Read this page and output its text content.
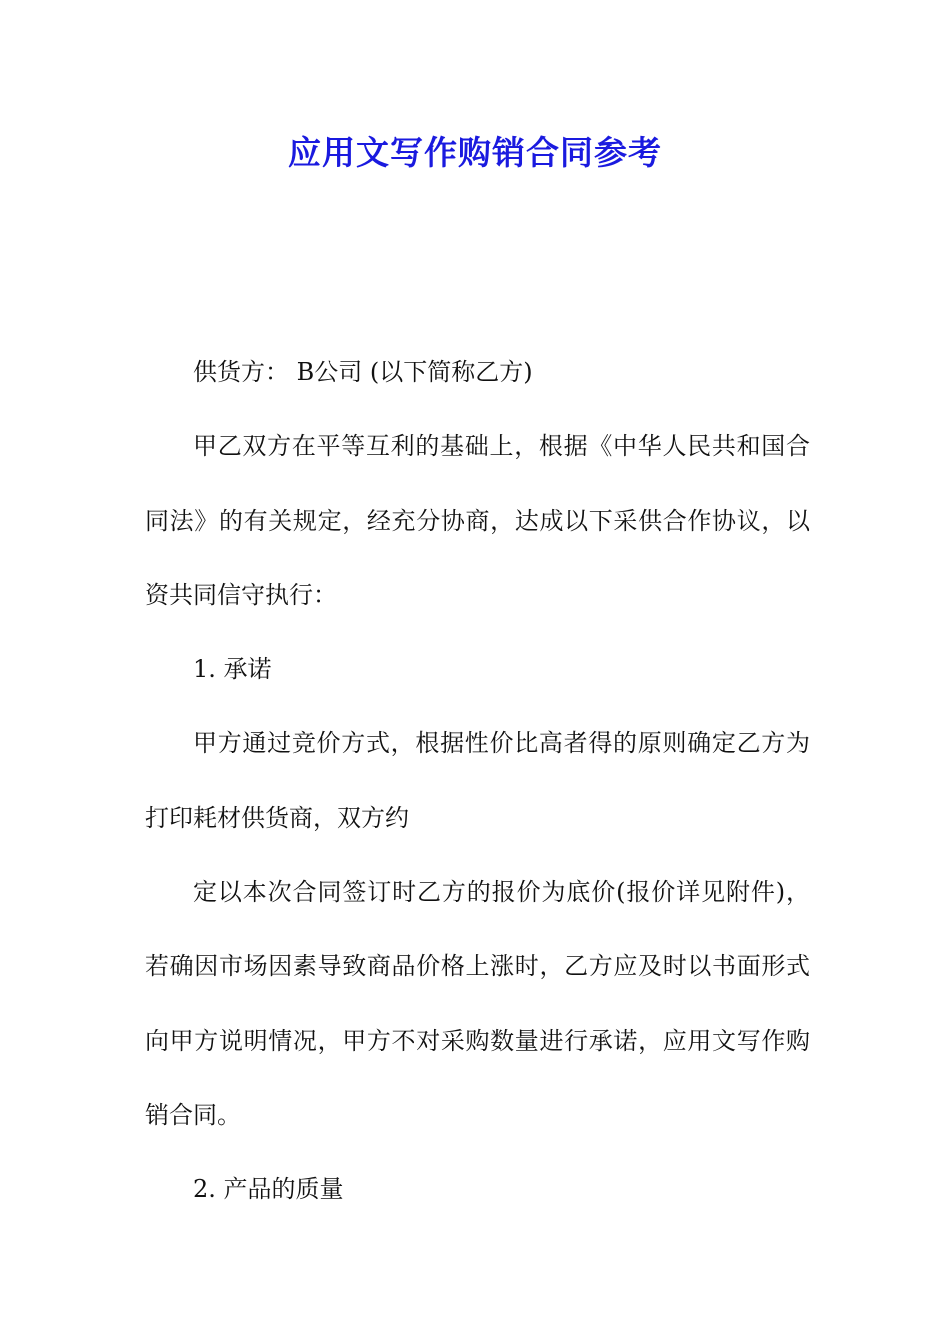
应用文写作购销合同参考

供货方： B公司 (以下简称乙方)

甲乙双方在平等互利的基础上，根据《中华人民共和国合同法》的有关规定，经充分协商，达成以下采供合作协议，以资共同信守执行：

1. 承诺

甲方通过竞价方式，根据性价比高者得的原则确定乙方为打印耗材供货商，双方约

定以本次合同签订时乙方的报价为底价(报价详见附件)，若确因市场因素导致商品价格上涨时，乙方应及时以书面形式向甲方说明情况，甲方不对采购数量进行承诺，应用文写作购销合同。

2. 产品的质量
